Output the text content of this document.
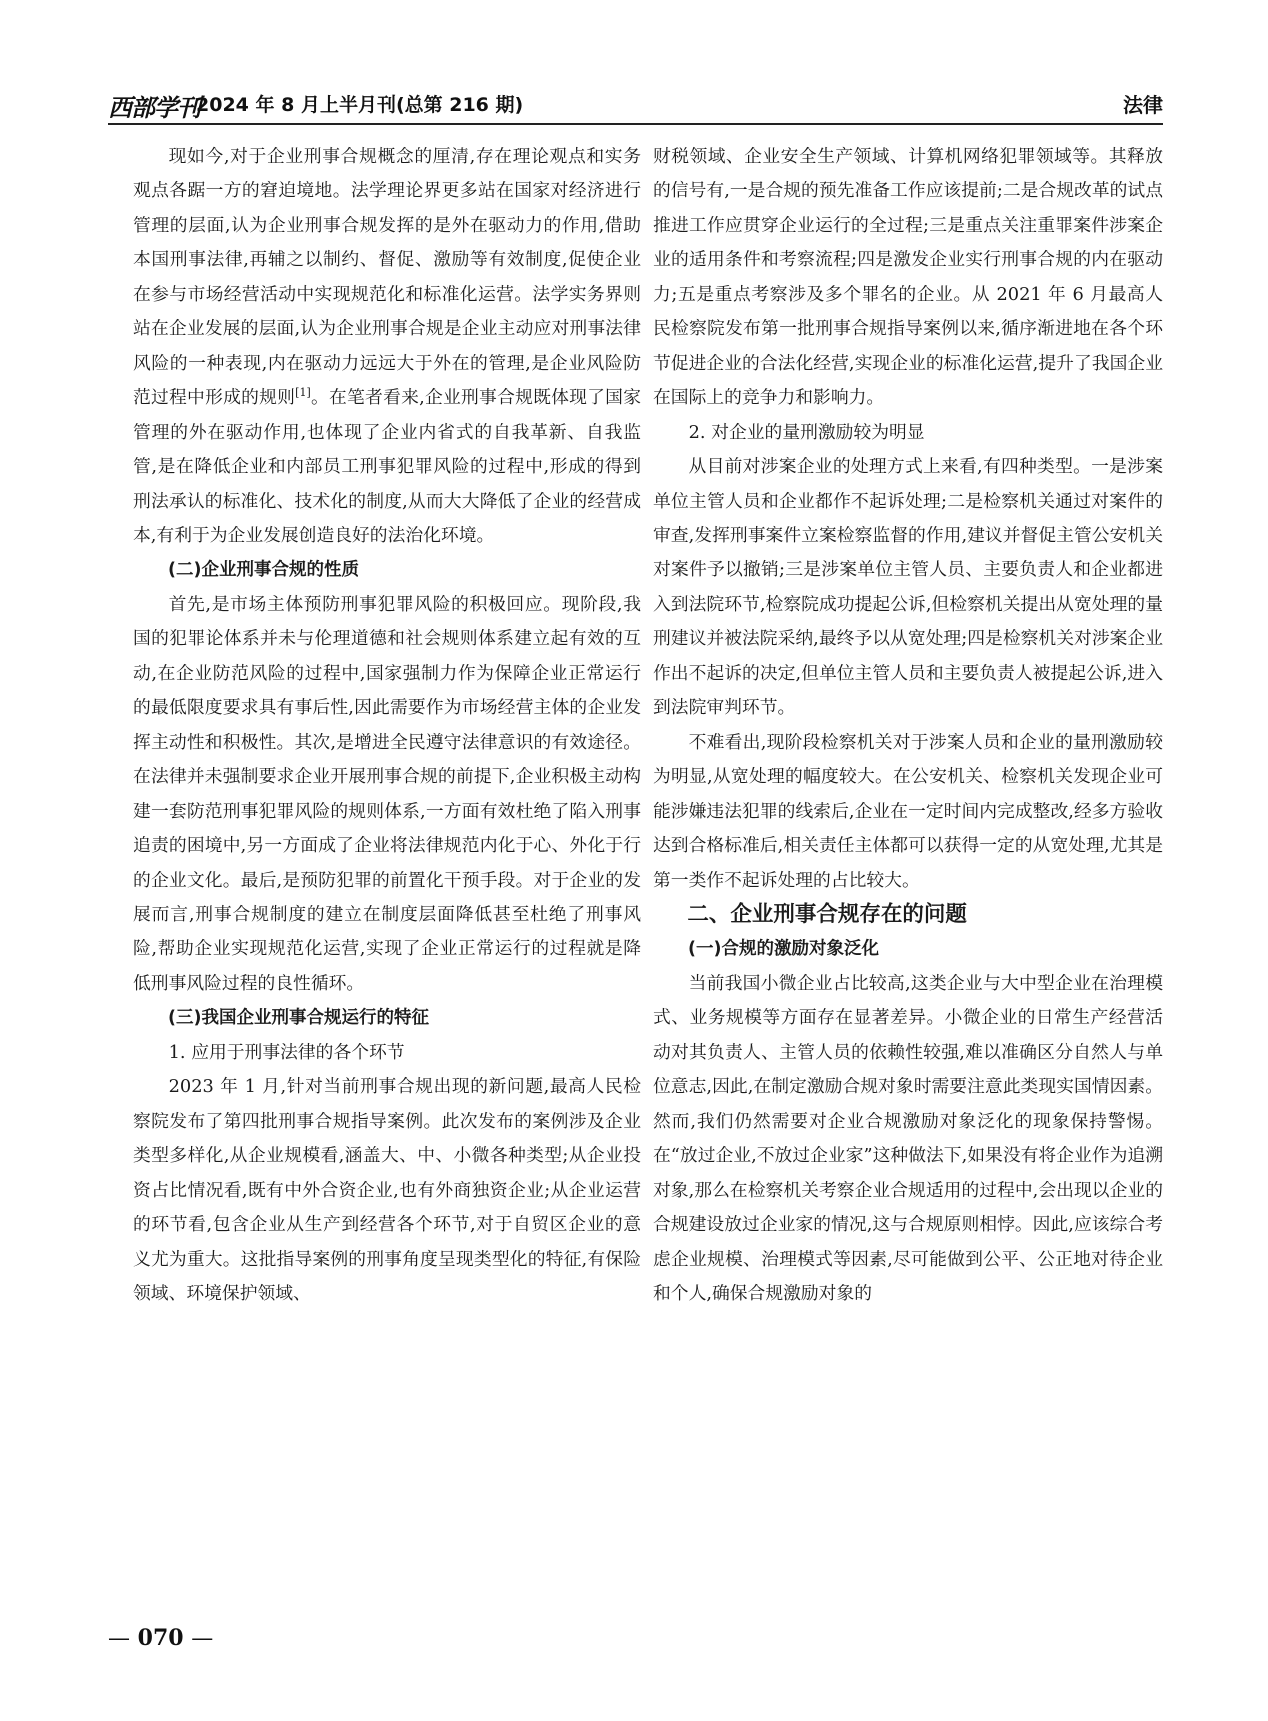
西部学刊
2024 年 8 月上半月刊(总第 216 期)	法律

现如今,对于企业刑事合规概念的厘清,存在理论观点和实务观点各踞一方的窘迫境地。法学理论界更多站在国家对经济进行管理的层面,认为企业刑事合规发挥的是外在驱动力的作用,借助本国刑事法律,再辅之以制约、督促、激励等有效制度,促使企业在参与市场经营活动中实现规范化和标准化运营。法学实务界则站在企业发展的层面,认为企业刑事合规是企业主动应对刑事法律风险的一种表现,内在驱动力远远大于外在的管理,是企业风险防范过程中形成的规则[1]。在笔者看来,企业刑事合规既体现了国家管理的外在驱动作用,也体现了企业内省式的自我革新、自我监管,是在降低企业和内部员工刑事犯罪风险的过程中,形成的得到刑法承认的标准化、技术化的制度,从而大大降低了企业的经营成本,有利于为企业发展创造良好的法治化环境。

(二)企业刑事合规的性质

首先,是市场主体预防刑事犯罪风险的积极回应。现阶段,我国的犯罪论体系并未与伦理道德和社会规则体系建立起有效的互动,在企业防范风险的过程中,国家强制力作为保障企业正常运行的最低限度要求具有事后性,因此需要作为市场经营主体的企业发挥主动性和积极性。其次,是增进全民遵守法律意识的有效途径。在法律并未强制要求企业开展刑事合规的前提下,企业积极主动构建一套防范刑事犯罪风险的规则体系,一方面有效杜绝了陷入刑事追责的困境中,另一方面成了企业将法律规范内化于心、外化于行的企业文化。最后,是预防犯罪的前置化干预手段。对于企业的发展而言,刑事合规制度的建立在制度层面降低甚至杜绝了刑事风险,帮助企业实现规范化运营,实现了企业正常运行的过程就是降低刑事风险过程的良性循环。

(三)我国企业刑事合规运行的特征
1. 应用于刑事法律的各个环节

2023 年 1 月,针对当前刑事合规出现的新问题,最高人民检察院发布了第四批刑事合规指导案例。此次发布的案例涉及企业类型多样化,从企业规模看,涵盖大、中、小微各种类型;从企业投资占比情况看,既有中外合资企业,也有外商独资企业;从企业运营的环节看,包含企业从生产到经营各个环节,对于自贸区企业的意义尤为重大。这批指导案例的刑事角度呈现类型化的特征,有保险领域、环境保护领域、

财税领域、企业安全生产领域、计算机网络犯罪领域等。其释放的信号有,一是合规的预先准备工作应该提前;二是合规改革的试点推进工作应贯穿企业运行的全过程;三是重点关注重罪案件涉案企业的适用条件和考察流程;四是激发企业实行刑事合规的内在驱动力;五是重点考察涉及多个罪名的企业。从 2021 年 6 月最高人民检察院发布第一批刑事合规指导案例以来,循序渐进地在各个环节促进企业的合法化经营,实现企业的标准化运营,提升了我国企业在国际上的竞争力和影响力。

2. 对企业的量刑激励较为明显

从目前对涉案企业的处理方式上来看,有四种类型。一是涉案单位主管人员和企业都作不起诉处理;二是检察机关通过对案件的审查,发挥刑事案件立案检察监督的作用,建议并督促主管公安机关对案件予以撤销;三是涉案单位主管人员、主要负责人和企业都进入到法院环节,检察院成功提起公诉,但检察机关提出从宽处理的量刑建议并被法院采纳,最终予以从宽处理;四是检察机关对涉案企业作出不起诉的决定,但单位主管人员和主要负责人被提起公诉,进入到法院审判环节。

不难看出,现阶段检察机关对于涉案人员和企业的量刑激励较为明显,从宽处理的幅度较大。在公安机关、检察机关发现企业可能涉嫌违法犯罪的线索后,企业在一定时间内完成整改,经多方验收达到合格标准后,相关责任主体都可以获得一定的从宽处理,尤其是第一类作不起诉处理的占比较大。

二、企业刑事合规存在的问题
(一)合规的激励对象泛化

当前我国小微企业占比较高,这类企业与大中型企业在治理模式、业务规模等方面存在显著差异。小微企业的日常生产经营活动对其负责人、主管人员的依赖性较强,难以准确区分自然人与单位意志,因此,在制定激励合规对象时需要注意此类现实国情因素。然而,我们仍然需要对企业合规激励对象泛化的现象保持警惕。在“放过企业,不放过企业家”这种做法下,如果没有将企业作为追溯对象,那么在检察机关考察企业合规适用的过程中,会出现以企业的合规建设放过企业家的情况,这与合规原则相悖。因此,应该综合考虑企业规模、治理模式等因素,尽可能做到公平、公正地对待企业和个人,确保合规激励对象的

— 070 —
